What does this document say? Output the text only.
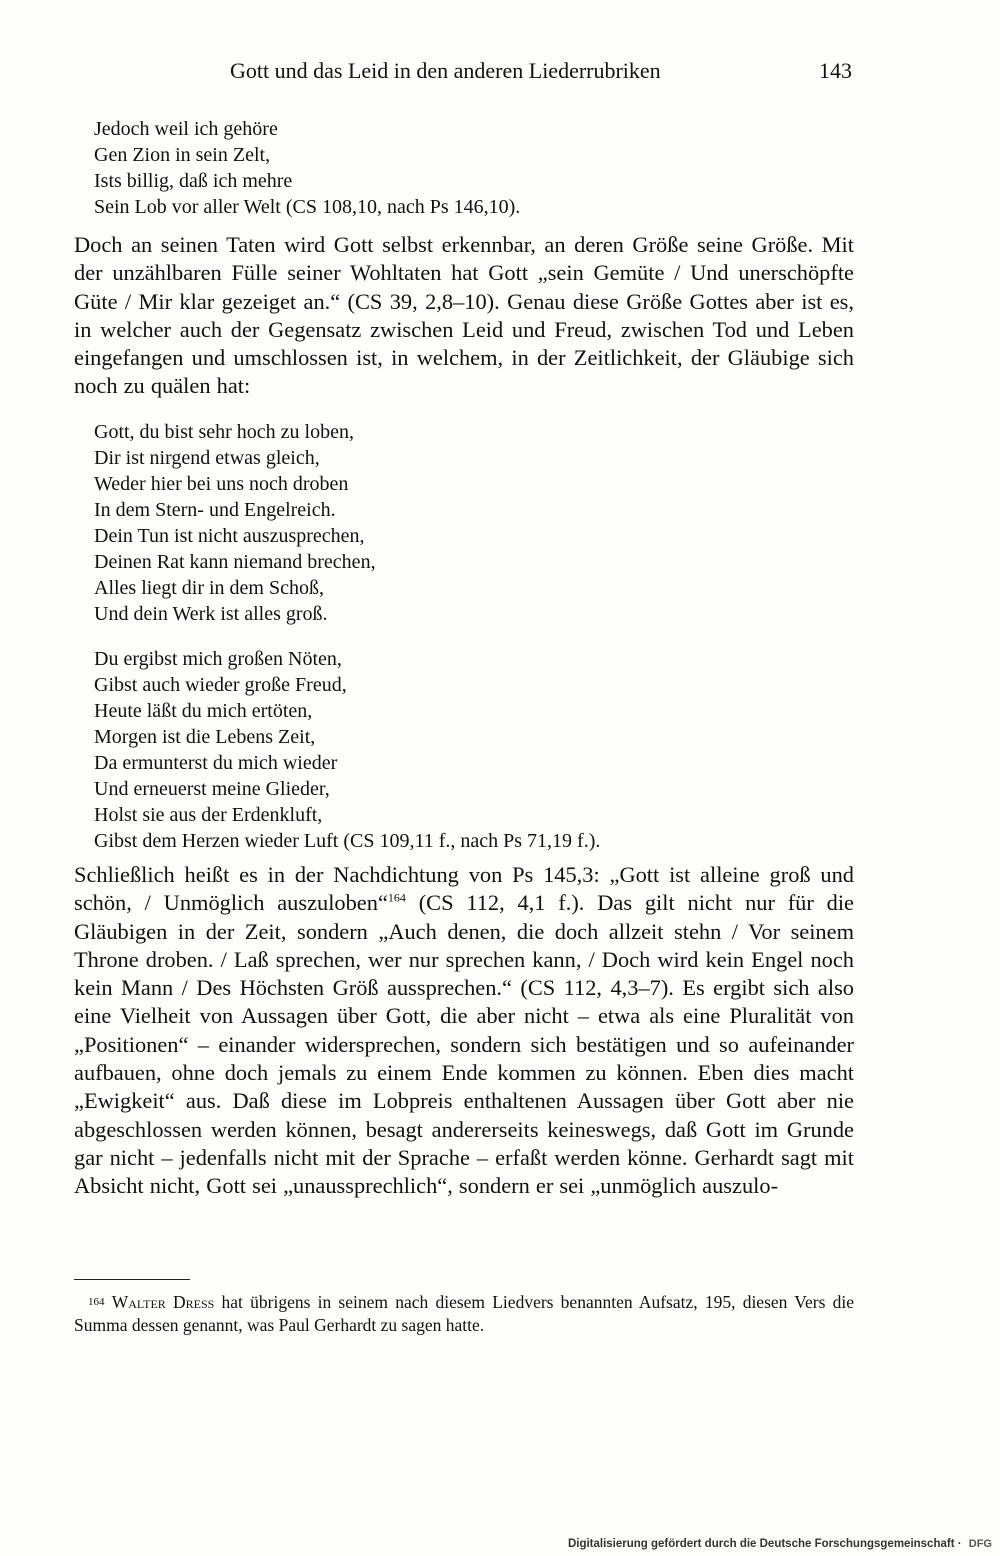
Gott und das Leid in den anderen Liederrubriken	143
Jedoch weil ich gehöre
Gen Zion in sein Zelt,
Ists billig, daß ich mehre
Sein Lob vor aller Welt (CS 108,10, nach Ps 146,10).

Doch an seinen Taten wird Gott selbst erkennbar, an deren Größe seine Größe. Mit der unzählbaren Fülle seiner Wohltaten hat Gott „sein Gemüte / Und unerschöpfte Güte / Mir klar gezeiget an.“ (CS 39, 2,8–10). Genau diese Größe Gottes aber ist es, in welcher auch der Gegensatz zwischen Leid und Freud, zwischen Tod und Leben eingefangen und umschlossen ist, in welchem, in der Zeitlichkeit, der Gläubige sich noch zu quälen hat:

Gott, du bist sehr hoch zu loben,
Dir ist nirgend etwas gleich,
Weder hier bei uns noch droben
In dem Stern- und Engelreich.
Dein Tun ist nicht auszusprechen,
Deinen Rat kann niemand brechen,
Alles liegt dir in dem Schoß,
Und dein Werk ist alles groß.
Du ergibst mich großen Nöten,
Gibst auch wieder große Freud,
Heute läßt du mich ertöten,
Morgen ist die Lebens Zeit,
Da ermunterst du mich wieder
Und erneuerst meine Glieder,
Holst sie aus der Erdenkluft,
Gibst dem Herzen wieder Luft (CS 109,11 f., nach Ps 71,19 f.).

Schließlich heißt es in der Nachdichtung von Ps 145,3: „Gott ist alleine groß und schön, / Unmöglich auszuloben“$^{164}$ (CS 112, 4,1 f.). Das gilt nicht nur für die Gläubigen in der Zeit, sondern „Auch denen, die doch allzeit stehn / Vor seinem Throne droben. / Laß sprechen, wer nur sprechen kann, / Doch wird kein Engel noch kein Mann / Des Höchsten Größ aussprechen.“ (CS 112, 4,3–7). Es ergibt sich also eine Vielheit von Aussagen über Gott, die aber nicht – etwa als eine Pluralität von „Positionen“ – einander widersprechen, sondern sich bestätigen und so aufeinander aufbauen, ohne doch jemals zu einem Ende kommen zu können. Eben dies macht „Ewigkeit“ aus. Daß diese im Lobpreis enthaltenen Aussagen über Gott aber nie abgeschlossen werden können, besagt andererseits keineswegs, daß Gott im Grunde gar nicht – jedenfalls nicht mit der Sprache – erfaßt werden könne. Gerhardt sagt mit Absicht nicht, Gott sei „unaussprechlich“, sondern er sei „unmöglich auszulo-

$^{164}$ Walter Dress hat übrigens in seinem nach diesem Liedvers benannten Aufsatz, 195, diesen Vers die Summa dessen genannt, was Paul Gerhardt zu sagen hatte.

Digitalisierung gefördert durch die Deutsche Forschungsgemeinschaft · DFG
